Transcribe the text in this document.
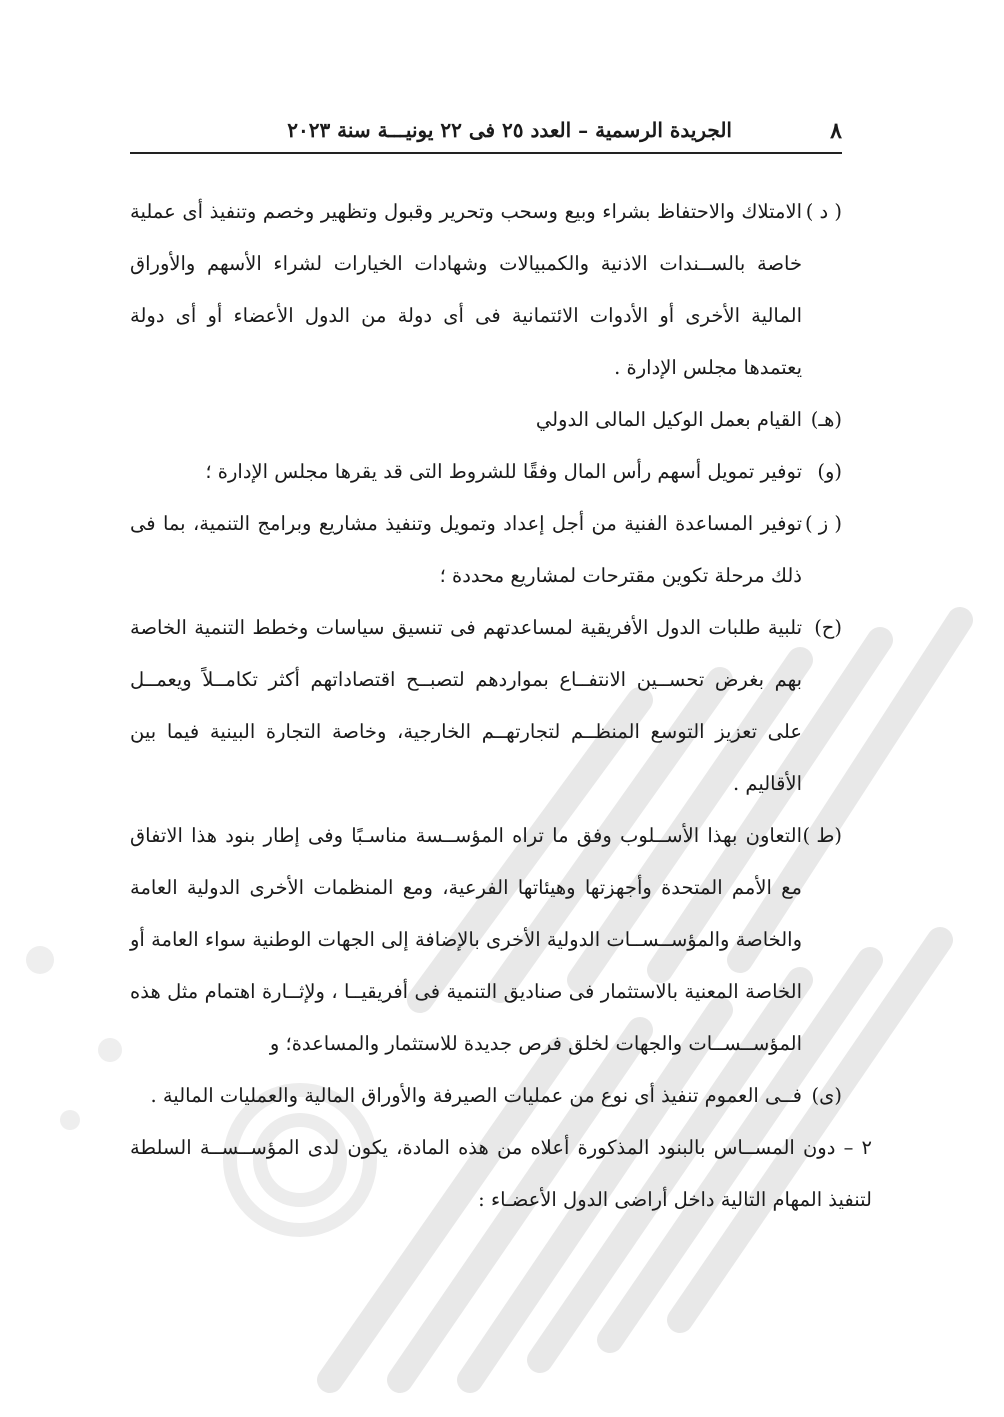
٨
الجريدة الرسمية – العدد ٢٥ فى ٢٢ يونيـــة سنة ٢٠٢٣
( د )
الامتلاك والاحتفاظ بشراء وبيع وسحب وتحرير وقبول وتظهير وخصم وتنفيذ أى عملية خاصة بالســندات الاذنية والكمبيالات وشهادات الخيارات لشراء الأسهم والأوراق المالية الأخرى أو الأدوات الائتمانية فى أى دولة من الدول الأعضاء أو أى دولة يعتمدها مجلس الإدارة .
(هـ)
القيام بعمل الوكيل المالى الدولي
(و)
توفير تمويل أسهم رأس المال وفقًا للشروط التى قد يقرها مجلس الإدارة ؛
( ز )
توفير المساعدة الفنية من أجل إعداد وتمويل وتنفيذ مشاريع وبرامج التنمية، بما فى ذلك مرحلة تكوين مقترحات لمشاريع محددة ؛
(ح)
تلبية طلبات الدول الأفريقية لمساعدتهم فى تنسيق سياسات وخطط التنمية الخاصة بهم بغرض تحســين الانتفــاع بمواردهم لتصبــح اقتصاداتهم أكثر تكامــلاً ويعمــل على تعزيز التوسع المنظــم لتجارتهــم الخارجية، وخاصة التجارة البينية فيما بين الأقاليم .
(ط )
التعاون بهذا الأســلوب وفق ما تراه المؤســسة مناسـبًا وفى إطار بنود هذا الاتفاق مع الأمم المتحدة وأجهزتها وهيئاتها الفرعية، ومع المنظمات الأخرى الدولية العامة والخاصة والمؤســســات الدولية الأخرى بالإضافة إلى الجهات الوطنية سواء العامة أو الخاصة المعنية بالاستثمار فى صناديق التنمية فى أفريقيــا ، ولإثــارة اهتمام مثل هذه المؤســســات والجهات لخلق فرص جديدة للاستثمار والمساعدة؛ و
(ى)
فــى العموم تنفيذ أى نوع من عمليات الصيرفة والأوراق المالية والعمليات المالية .
٢ – دون المســاس بالبنود المذكورة أعلاه من هذه المادة، يكون لدى المؤســســة السلطة لتنفيذ المهام التالية داخل أراضى الدول الأعضـاء :
